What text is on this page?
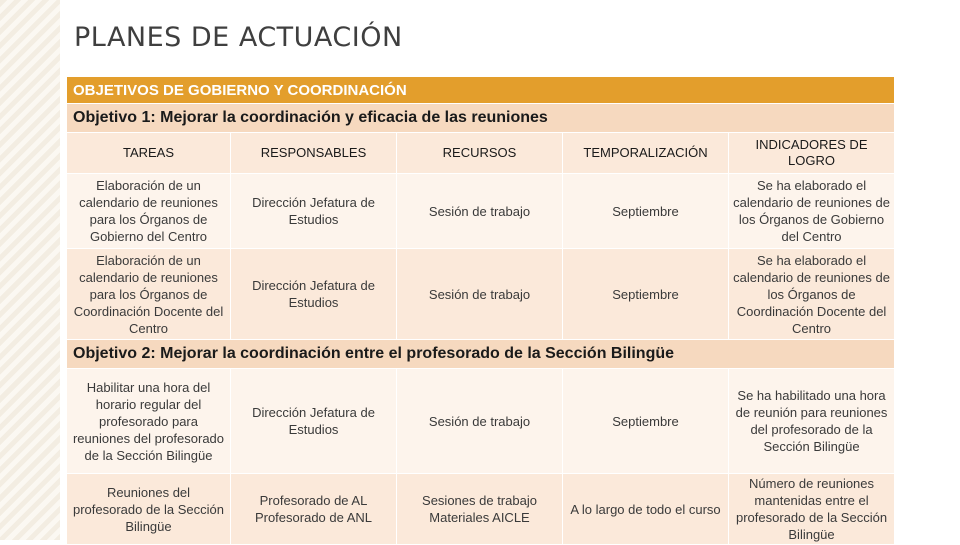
PLANES DE ACTUACIÓN
OBJETIVOS DE GOBIERNO Y COORDINACIÓN				
Objetivo 1: Mejorar la coordinación y eficacia de las reuniones				
TAREAS	RESPONSABLES	RECURSOS	TEMPORALIZACIÓN	INDICADORES DE LOGRO

Elaboración de un calendario de reuniones para los Órganos de Gobierno del Centro	Dirección Jefatura de Estudios	Sesión de trabajo	Septiembre	Se ha elaborado el calendario de reuniones de los Órganos de Gobierno del Centro

Elaboración de un calendario de reuniones para los Órganos de Coordinación Docente del Centro	Dirección Jefatura de Estudios	Sesión de trabajo	Septiembre	Se ha elaborado el calendario de reuniones de los Órganos de Coordinación Docente del Centro

Objetivo 2: Mejorar la coordinación entre el profesorado de la Sección Bilingüe				

Habilitar una hora del horario regular del profesorado para reuniones del profesorado de la Sección Bilingüe	Dirección Jefatura de Estudios	Sesión de trabajo	Septiembre	Se ha habilitado una hora de reunión para reuniones del profesorado de la Sección Bilingüe

Reuniones del profesorado de la Sección Bilingüe	Profesorado de AL Profesorado de ANL	Sesiones de trabajo Materiales AICLE	A lo largo de todo el curso	Número de reuniones mantenidas entre el profesorado de la Sección Bilingüe
